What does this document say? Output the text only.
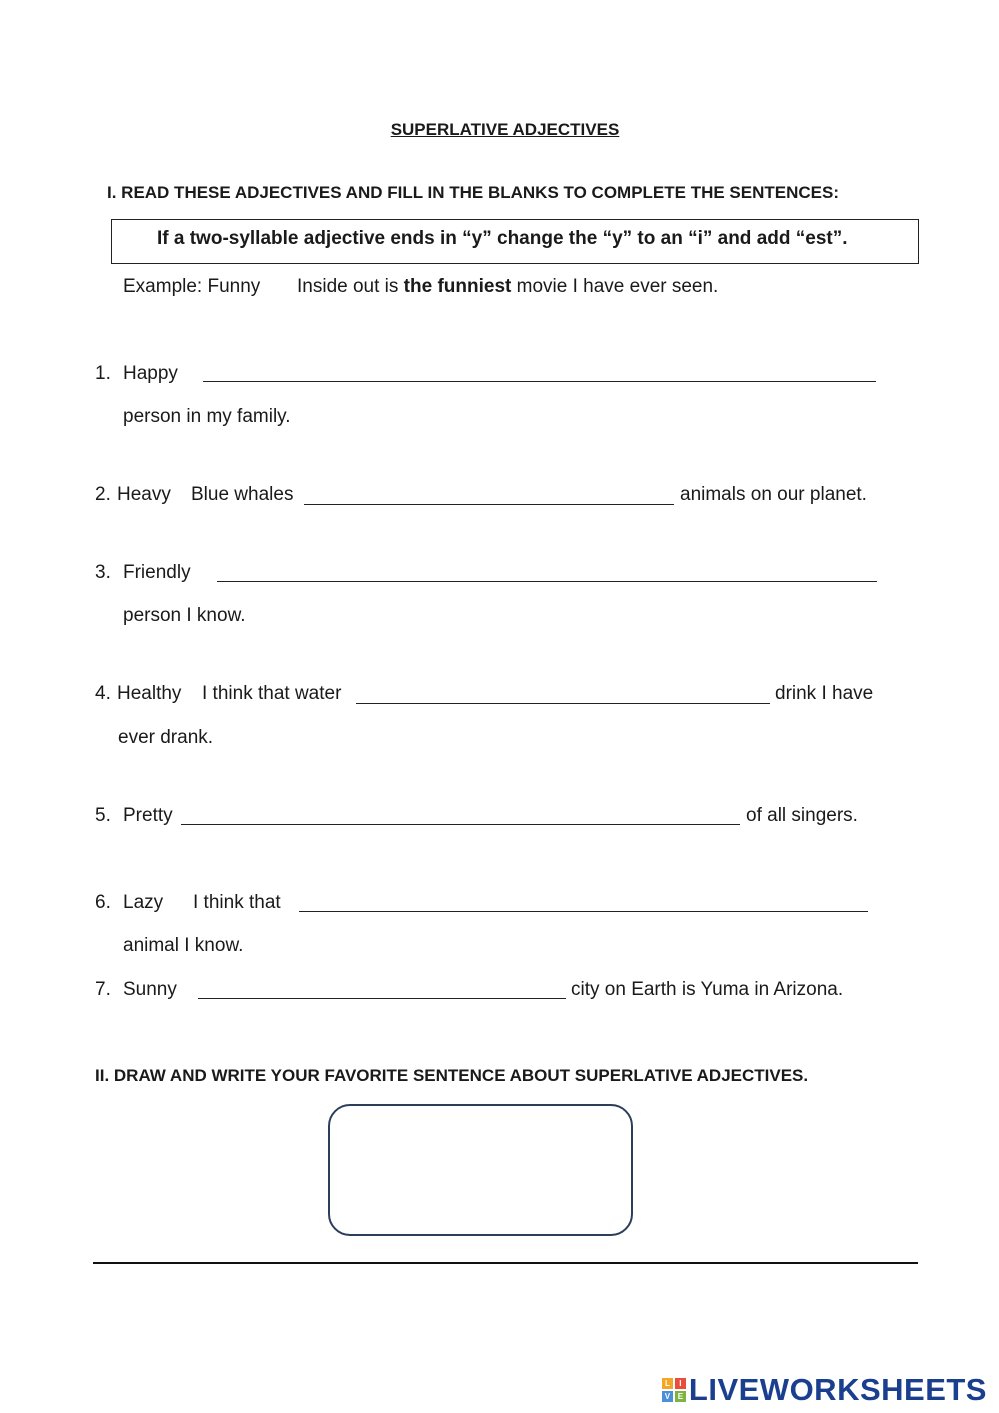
SUPERLATIVE ADJECTIVES
I. READ THESE ADJECTIVES AND FILL IN THE BLANKS TO COMPLETE THE SENTENCES:
If a two-syllable adjective ends in “y” change the “y” to an “i” and add “est”.
Example: Funny Inside out is the funniest movie I have ever seen.
1. Happy
person in my family.
2. Heavy Blue whales	animals on our planet.
3. Friendly
person I know.
4. Healthy I think that water	drink I have
ever drank.
5. Pretty	of all singers.
6. Lazy I think that
animal I know.
7. Sunny	city on Earth is Yuma in Arizona.
II. DRAW AND WRITE YOUR FAVORITE SENTENCE ABOUT SUPERLATIVE ADJECTIVES.
L	I
V E LIVEWORKSHEETS
